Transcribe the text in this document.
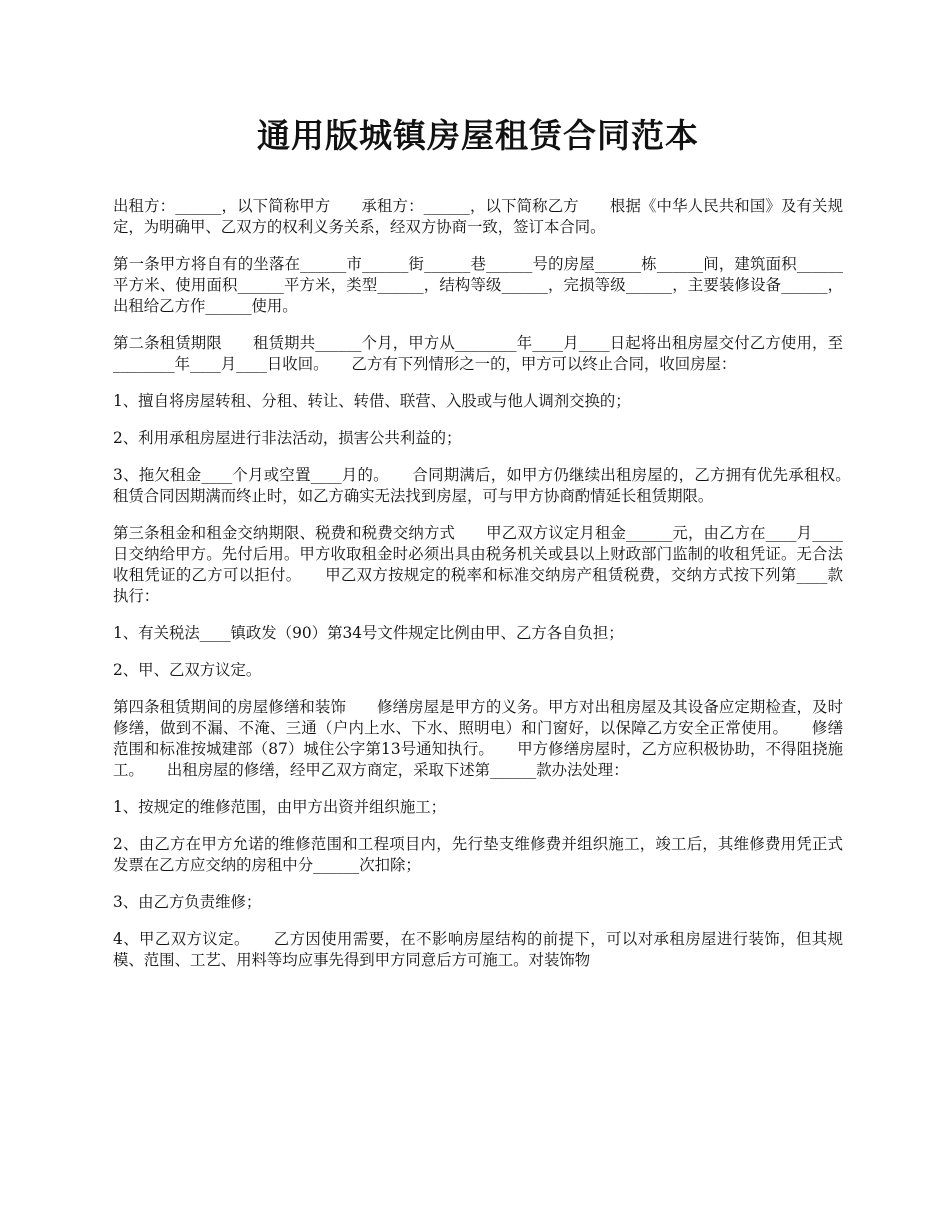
通用版城镇房屋租赁合同范本

出租方：______，以下简称甲方　　承租方：______，以下简称乙方　　根据《中华人民共和国》及有关规定，为明确甲、乙双方的权利义务关系，经双方协商一致，签订本合同。

第一条甲方将自有的坐落在______市______街______巷______号的房屋______栋______间，建筑面积______平方米、使用面积______平方米，类型______，结构等级______，完损等级______，主要装修设备______，出租给乙方作______使用。

第二条租赁期限　　租赁期共______个月，甲方从________年____月____日起将出租房屋交付乙方使用，至________年____月____日收回。　　乙方有下列情形之一的，甲方可以终止合同，收回房屋：

1、擅自将房屋转租、分租、转让、转借、联营、入股或与他人调剂交换的；

2、利用承租房屋进行非法活动，损害公共利益的；

3、拖欠租金____个月或空置____月的。　　合同期满后，如甲方仍继续出租房屋的，乙方拥有优先承租权。　　租赁合同因期满而终止时，如乙方确实无法找到房屋，可与甲方协商酌情延长租赁期限。

第三条租金和租金交纳期限、税费和税费交纳方式　　甲乙双方议定月租金______元，由乙方在____月____日交纳给甲方。先付后用。甲方收取租金时必须出具由税务机关或县以上财政部门监制的收租凭证。无合法收租凭证的乙方可以拒付。　　甲乙双方按规定的税率和标准交纳房产租赁税费，交纳方式按下列第____款执行：

1、有关税法____镇政发（90）第34号文件规定比例由甲、乙方各自负担；

2、甲、乙双方议定。

第四条租赁期间的房屋修缮和装饰　　修缮房屋是甲方的义务。甲方对出租房屋及其设备应定期检查，及时修缮，做到不漏、不淹、三通（户内上水、下水、照明电）和门窗好，以保障乙方安全正常使用。　　修缮范围和标准按城建部（87）城住公字第13号通知执行。　　甲方修缮房屋时，乙方应积极协助，不得阻挠施工。　　出租房屋的修缮，经甲乙双方商定，采取下述第______款办法处理：

1、按规定的维修范围，由甲方出资并组织施工；

2、由乙方在甲方允诺的维修范围和工程项目内，先行垫支维修费并组织施工，竣工后，其维修费用凭正式发票在乙方应交纳的房租中分______次扣除；

3、由乙方负责维修；

4、甲乙双方议定。　　乙方因使用需要，在不影响房屋结构的前提下，可以对承租房屋进行装饰，但其规模、范围、工艺、用料等均应事先得到甲方同意后方可施工。对装饰物
